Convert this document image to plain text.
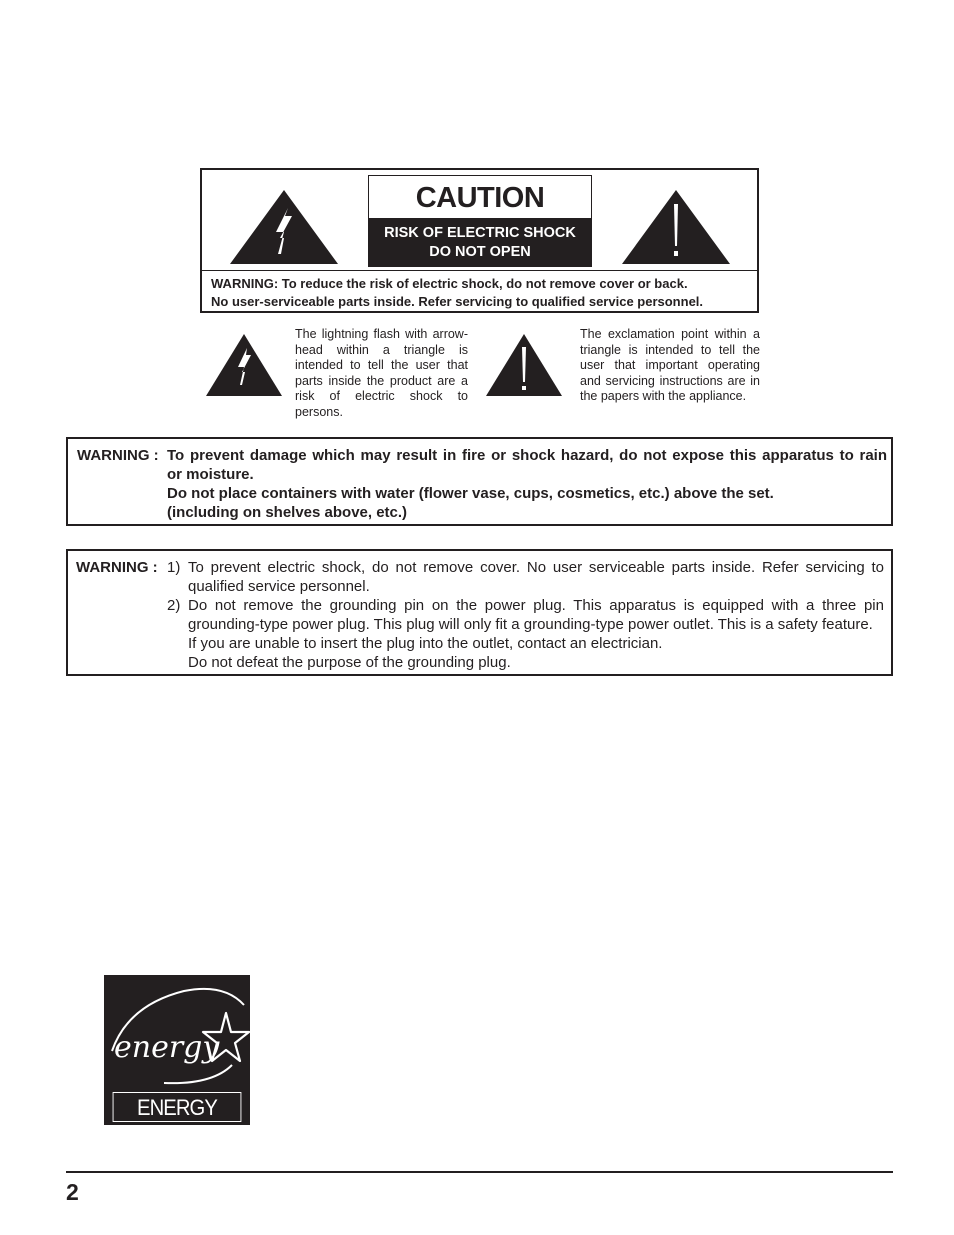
CAUTION
RISK OF ELECTRIC SHOCK
DO NOT OPEN
WARNING: To reduce the risk of electric shock, do not remove cover or back.
No user-serviceable parts inside. Refer servicing to qualified service personnel.
The lightning flash with arrow-head within a triangle is intended to tell the user that parts inside the product are a risk of electric shock to persons.
The exclamation point within a triangle is intended to tell the user that important operating and servicing instructions are in the papers with the appliance.
WARNING : To prevent damage which may result in fire or shock hazard, do not expose this apparatus to rain
or moisture.
Do not place containers with water (flower vase, cups, cosmetics, etc.) above the set.
(including on shelves above, etc.)
WARNING : 1) To prevent electric shock, do not remove cover. No user serviceable parts inside. Refer servicing to qualified service personnel.
2) Do not remove the grounding pin on the power plug. This apparatus is equipped with a three pin grounding-type power plug. This plug will only fit a grounding-type power outlet. This is a safety feature.
If you are unable to insert the plug into the outlet, contact an electrician.
Do not defeat the purpose of the grounding plug.
energy
ENERGY STAR
2
